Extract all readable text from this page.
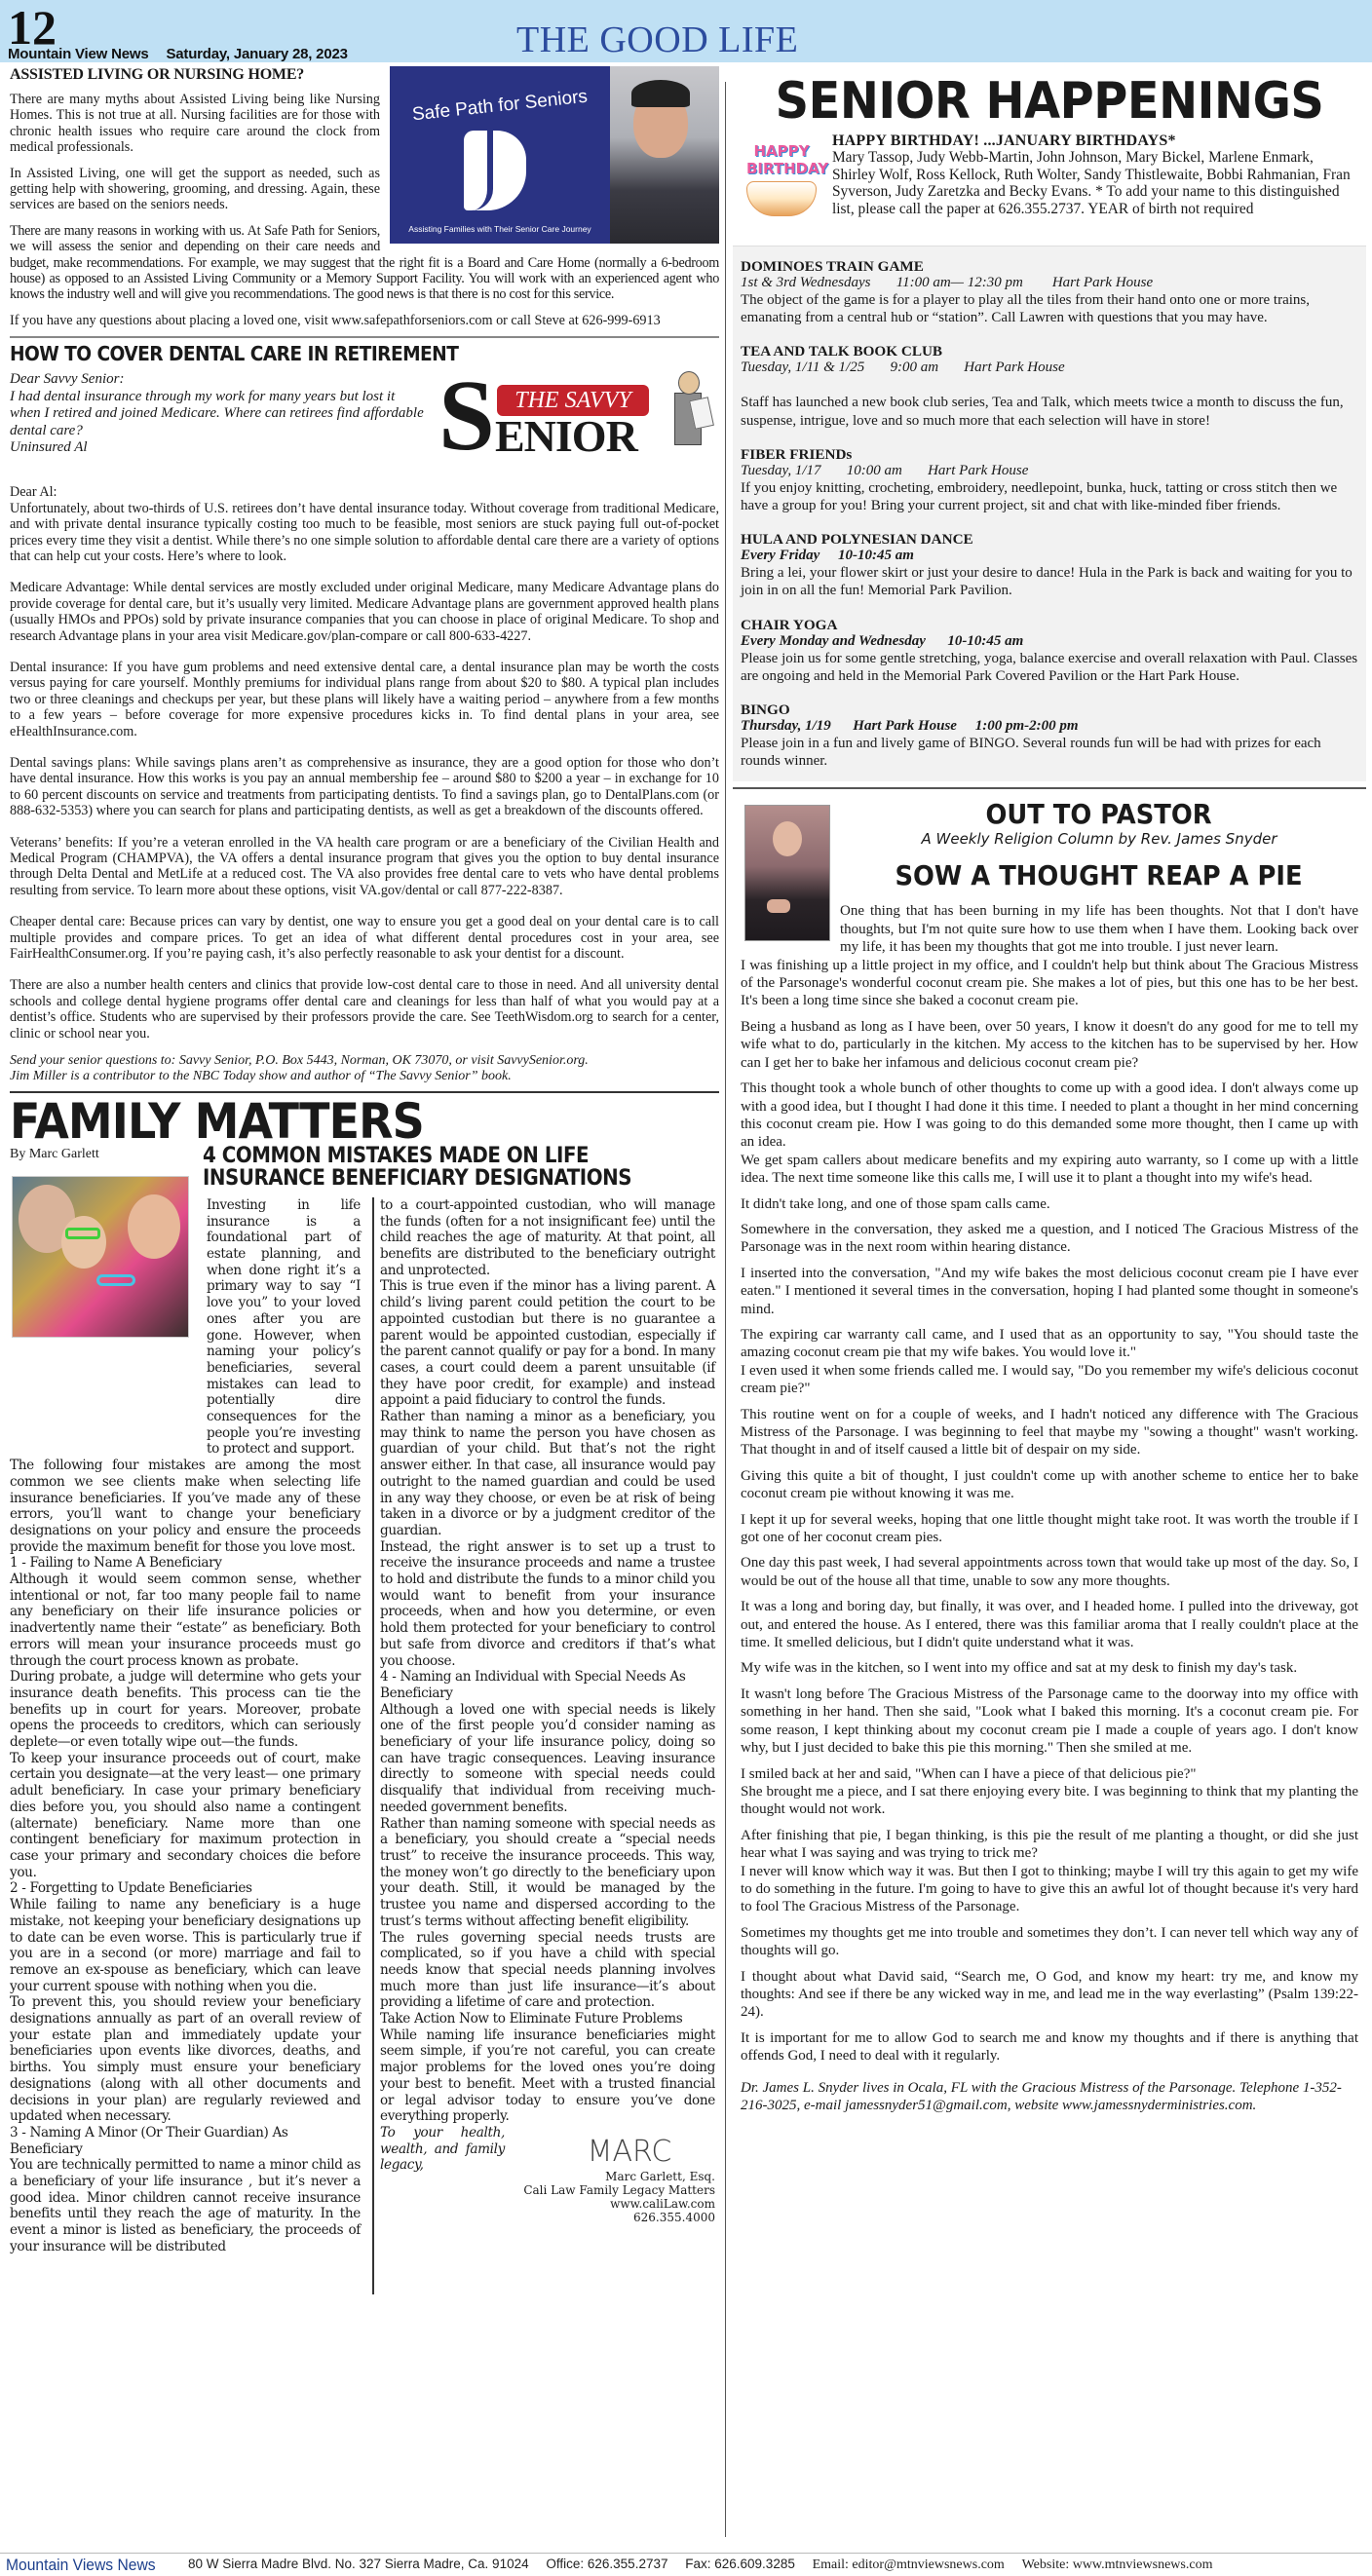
12
Mountain View News Saturday, January 28, 2023	THE GOOD LIFE
Safe Path for Seniors
Assisting Families with Their Senior Care Journey
ASSISTED LIVING OR NURSING HOME?

There are many myths about Assisted Living being like Nursing Homes. This is not true at all. Nursing facilities are for those with chronic health issues who require care around the clock from medical professionals.

In Assisted Living, one will get the support as needed, such as getting help with showering, grooming, and dressing. Again, these services are based on the seniors needs.

There are many reasons in working with us. At Safe Path for Seniors, we will assess the senior and depending on their care needs and budget, make recommendations. For example, we may suggest that the right fit is a Board and Care Home (normally a 6-bedroom house) as opposed to an Assisted Living Community or a Memory Support Facility. You will work with an experienced agent who knows the industry well and will give you recommendations. The good news is that there is no cost for this service.

If you have any questions about placing a loved one, visit www.safepathforseniors.com or call Steve at 626-999-6913

HOW TO COVER DENTAL CARE IN RETIREMENT
S THE SAVVY
ENIOR
Dear Savvy Senior:
I had dental insurance through my work for many years but lost it when I retired and joined Medicare. Where can retirees find affordable dental care?
Uninsured Al
Dear Al:

Unfortunately, about two-thirds of U.S. retirees don’t have dental insurance today. Without coverage from traditional Medicare, and with private dental insurance typically costing too much to be feasible, most seniors are stuck paying full out-of-pocket prices every time they visit a dentist. While there’s no one simple solution to affordable dental care there are a variety of options that can help cut your costs. Here’s where to look.

Medicare Advantage: While dental services are mostly excluded under original Medicare, many Medicare Advantage plans do provide coverage for dental care, but it’s usually very limited. Medicare Advantage plans are government approved health plans (usually HMOs and PPOs) sold by private insurance companies that you can choose in place of original Medicare. To shop and research Advantage plans in your area visit Medicare.gov/plan-compare or call 800-633-4227.

Dental insurance: If you have gum problems and need extensive dental care, a dental insurance plan may be worth the costs versus paying for care yourself. Monthly premiums for individual plans range from about $20 to $80. A typical plan includes two or three cleanings and checkups per year, but these plans will likely have a waiting period – anywhere from a few months to a few years – before coverage for more expensive procedures kicks in. To find dental plans in your area, see eHealthInsurance.com.

Dental savings plans: While savings plans aren’t as comprehensive as insurance, they are a good option for those who don’t have dental insurance. How this works is you pay an annual membership fee – around $80 to $200 a year – in exchange for 10 to 60 percent discounts on service and treatments from participating dentists. To find a savings plan, go to DentalPlans.com (or 888-632-5353) where you can search for plans and participating dentists, as well as get a breakdown of the discounts offered.

Veterans’ benefits: If you’re a veteran enrolled in the VA health care program or are a beneficiary of the Civilian Health and Medical Program (CHAMPVA), the VA offers a dental insurance program that gives you the option to buy dental insurance through Delta Dental and MetLife at a reduced cost. The VA also provides free dental care to vets who have dental problems resulting from service. To learn more about these options, visit VA.gov/dental or call 877-222-8387.

Cheaper dental care: Because prices can vary by dentist, one way to ensure you get a good deal on your dental care is to call multiple provides and compare prices. To get an idea of what different dental procedures cost in your area, see FairHealthConsumer.org. If you’re paying cash, it’s also perfectly reasonable to ask your dentist for a discount.

There are also a number health centers and clinics that provide low-cost dental care to those in need. And all university dental schools and college dental hygiene programs offer dental care and cleanings for less than half of what you would pay at a dentist’s office. Students who are supervised by their professors provide the care. See TeethWisdom.org to search for a center, clinic or school near you.

Send your senior questions to: Savvy Senior, P.O. Box 5443, Norman, OK 73070, or visit SavvySenior.org.
Jim Miller is a contributor to the NBC Today show and author of “The Savvy Senior” book.
FAMILY MATTERS
By Marc Garlett	4 COMMON MISTAKES MADE ON LIFE INSURANCE BENEFICIARY DESIGNATIONS

Investing in life insurance is a foundational part of estate planning, and when done right it’s a primary way to say “I love you” to your loved ones after you are gone. However, when naming your policy’s beneficiaries, several mistakes can lead to potentially dire consequences for the people you’re investing to protect and support.

The following four mistakes are among the most common we see clients make when selecting life insurance beneficiaries. If you’ve made any of these errors, you’ll want to change your beneficiary designations on your policy and ensure the proceeds provide the maximum benefit for those you love most.

1 - Failing to Name A Beneficiary

Although it would seem common sense, whether intentional or not, far too many people fail to name any beneficiary on their life insurance policies or inadvertently name their “estate” as beneficiary. Both errors will mean your insurance proceeds must go through the court process known as probate.

During probate, a judge will determine who gets your insurance death benefits. This process can tie the benefits up in court for years. Moreover, probate opens the proceeds to creditors, which can seriously deplete—or even totally wipe out—the funds.

To keep your insurance proceeds out of court, make certain you designate—at the very least— one primary adult beneficiary. In case your primary beneficiary dies before you, you should also name a contingent (alternate) beneficiary. Name more than one contingent beneficiary for maximum protection in case your primary and secondary choices die before you.

2 - Forgetting to Update Beneficiaries

While failing to name any beneficiary is a huge mistake, not keeping your beneficiary designations up to date can be even worse. This is particularly true if you are in a second (or more) marriage and fail to remove an ex-spouse as beneficiary, which can leave your current spouse with nothing when you die.

To prevent this, you should review your beneficiary designations annually as part of an overall review of your estate plan and immediately update your beneficiaries upon events like divorces, deaths, and births. You simply must ensure your beneficiary designations (along with all other documents and decisions in your plan) are regularly reviewed and updated when necessary.

3 - Naming A Minor (Or Their Guardian) As Beneficiary

You are technically permitted to name a minor child as a beneficiary of your life insurance , but it’s never a good idea. Minor children cannot receive insurance benefits until they reach the age of maturity. In the event a minor is listed as beneficiary, the proceeds of your insurance will be distributed

to a court-appointed custodian, who will manage the funds (often for a not insignificant fee) until the child reaches the age of maturity. At that point, all benefits are distributed to the beneficiary outright and unprotected.

This is true even if the minor has a living parent. A child’s living parent could petition the court to be appointed custodian but there is no guarantee a parent would be appointed custodian, especially if the parent cannot qualify or pay for a bond. In many cases, a court could deem a parent unsuitable (if they have poor credit, for example) and instead appoint a paid fiduciary to control the funds.

Rather than naming a minor as a beneficiary, you may think to name the person you have chosen as guardian of your child. But that’s not the right answer either. In that case, all insurance would pay outright to the named guardian and could be used in any way they choose, or even be at risk of being taken in a divorce or by a judgment creditor of the guardian.

Instead, the right answer is to set up a trust to receive the insurance proceeds and name a trustee to hold and distribute the funds to a minor child you would want to benefit from your insurance proceeds, when and how you determine, or even hold them protected for your beneficiary to control but safe from divorce and creditors if that’s what you choose.

4 - Naming an Individual with Special Needs As Beneficiary

Although a loved one with special needs is likely one of the first people you’d consider naming as beneficiary of your life insurance policy, doing so can have tragic consequences. Leaving insurance directly to someone with special needs could disqualify that individual from receiving much-needed government benefits.

Rather than naming someone with special needs as a beneficiary, you should create a “special needs trust” to receive the insurance proceeds. This way, the money won’t go directly to the beneficiary upon your death. Still, it would be managed by the trustee you name and dispersed according to the trust’s terms without affecting benefit eligibility.

The rules governing special needs trusts are complicated, so if you have a child with special needs know that special needs planning involves much more than just life insurance—it’s about providing a lifetime of care and protection.

Take Action Now to Eliminate Future Problems

While naming life insurance beneficiaries might seem simple, if you’re not careful, you can create major problems for the loved ones you’re doing your best to benefit. Meet with a trusted financial or legal advisor today to ensure you’ve done everything properly.

To your health, wealth, and family legacy,	MARC
Marc Garlett, Esq.
Cali Law Family Legacy Matters
www.caliLaw.com
626.355.4000
SENIOR HAPPENINGS
HAPPY BIRTHDAY
HAPPY BIRTHDAY! ...JANUARY BIRTHDAYS*
Mary Tassop, Judy Webb-Martin, John Johnson, Mary Bickel, Marlene Enmark, Shirley Wolf, Ross Kellock, Ruth Wolter, Sandy Thistlewaite, Bobbi Rahmanian, Fran Syverson, Judy Zaretzka and Becky Evans. * To add your name to this distinguished list, please call the paper at 626.355.2737. YEAR of birth not required
DOMINOES TRAIN GAME
1st & 3rd Wednesdays       11:00 am— 12:30 pm        Hart Park House
The object of the game is for a player to play all the tiles from their hand onto one or more trains, emanating from a central hub or “station”. Call Lawren with questions that you may have.
TEA AND TALK BOOK CLUB
Tuesday, 1/11 & 1/25       9:00 am       Hart Park House
Staff has launched a new book club series, Tea and Talk, which meets twice a month to discuss the fun, suspense, intrigue, love and so much more that each selection will have in store!
FIBER FRIENDs
Tuesday, 1/17       10:00 am       Hart Park House
If you enjoy knitting, crocheting, embroidery, needlepoint, bunka, huck, tatting or cross stitch then we have a group for you! Bring your current project, sit and chat with like-minded fiber friends.
HULA AND POLYNESIAN DANCE
Every Friday     10-10:45 am
Bring a lei, your flower skirt or just your desire to dance! Hula in the Park is back and waiting for you to join in on all the fun! Memorial Park Pavilion.
CHAIR YOGA
Every Monday and Wednesday      10-10:45 am
Please join us for some gentle stretching, yoga, balance exercise and overall relaxation with Paul. Classes are ongoing and held in the Memorial Park Covered Pavilion or the Hart Park House.
BINGO
Thursday, 1/19      Hart Park House     1:00 pm-2:00 pm
Please join in a fun and lively game of BINGO. Several rounds fun will be had with prizes for each rounds winner.
OUT TO PASTOR
A Weekly Religion Column by Rev. James Snyder
SOW A THOUGHT REAP A PIE

One thing that has been burning in my life has been thoughts. Not that I don't have thoughts, but I'm not quite sure how to use them when I have them. Looking back over my life, it has been my thoughts that got me into trouble. I just never learn.

I was finishing up a little project in my office, and I couldn't help but think about The Gracious Mistress of the Parsonage's wonderful coconut cream pie. She makes a lot of pies, but this one has to be her best. It's been a long time since she baked a coconut cream pie.

Being a husband as long as I have been, over 50 years, I know it doesn't do any good for me to tell my wife what to do, particularly in the kitchen. My access to the kitchen has to be supervised by her. How can I get her to bake her infamous and delicious coconut cream pie?

This thought took a whole bunch of other thoughts to come up with a good idea. I don't always come up with a good idea, but I thought I had done it this time. I needed to plant a thought in her mind concerning this coconut cream pie. How I was going to do this demanded some more thought, then I came up with an idea.

We get spam callers about medicare benefits and my expiring auto warranty, so I come up with a little idea. The next time someone like this calls me, I will use it to plant a thought into my wife's head.

It didn't take long, and one of those spam calls came.

Somewhere in the conversation, they asked me a question, and I noticed The Gracious Mistress of the Parsonage was in the next room within hearing distance.

I inserted into the conversation, "And my wife bakes the most delicious coconut cream pie I have ever eaten." I mentioned it several times in the conversation, hoping I had planted some thought in someone's mind.

The expiring car warranty call came, and I used that as an opportunity to say, "You should taste the amazing coconut cream pie that my wife bakes. You would love it."

I even used it when some friends called me. I would say, "Do you remember my wife's delicious coconut cream pie?"

This routine went on for a couple of weeks, and I hadn't noticed any difference with The Gracious Mistress of the Parsonage. I was beginning to feel that maybe my "sowing a thought" wasn't working. That thought in and of itself caused a little bit of despair on my side.

Giving this quite a bit of thought, I just couldn't come up with another scheme to entice her to bake coconut cream pie without knowing it was me.

I kept it up for several weeks, hoping that one little thought might take root. It was worth the trouble if I got one of her coconut cream pies.

One day this past week, I had several appointments across town that would take up most of the day. So, I would be out of the house all that time, unable to sow any more thoughts.

It was a long and boring day, but finally, it was over, and I headed home. I pulled into the driveway, got out, and entered the house. As I entered, there was this familiar aroma that I really couldn't place at the time. It smelled delicious, but I didn't quite understand what it was.

My wife was in the kitchen, so I went into my office and sat at my desk to finish my day's task.

It wasn't long before The Gracious Mistress of the Parsonage came to the doorway into my office with something in her hand. Then she said, "Look what I baked this morning. It's a coconut cream pie. For some reason, I kept thinking about my coconut cream pie I made a couple of years ago. I don't know why, but I just decided to bake this pie this morning." Then she smiled at me.

I smiled back at her and said, "When can I have a piece of that delicious pie?"

She brought me a piece, and I sat there enjoying every bite. I was beginning to think that my planting the thought would not work.

After finishing that pie, I began thinking, is this pie the result of me planting a thought, or did she just hear what I was saying and was trying to trick me?

I never will know which way it was. But then I got to thinking; maybe I will try this again to get my wife to do something in the future. I'm going to have to give this an awful lot of thought because it's very hard to fool The Gracious Mistress of the Parsonage.

Sometimes my thoughts get me into trouble and sometimes they don’t. I can never tell which way any of thoughts will go.

I thought about what David said, “Search me, O God, and know my heart: try me, and know my thoughts: And see if there be any wicked way in me, and lead me in the way everlasting” (Psalm 139:22-24).

It is important for me to allow God to search me and know my thoughts and if there is anything that offends God, I need to deal with it regularly.

Dr. James L. Snyder lives in Ocala, FL with the Gracious Mistress of the Parsonage. Telephone 1-352-216-3025, e-mail jamessnyder51@gmail.com, website www.jamessnyderministries.com.

Mountain Views News 80 W Sierra Madre Blvd. No. 327 Sierra Madre, Ca. 91024 Office: 626.355.2737 Fax: 626.609.3285 Email: editor@mtnviewsnews.com Website: www.mtnviewsnews.com
